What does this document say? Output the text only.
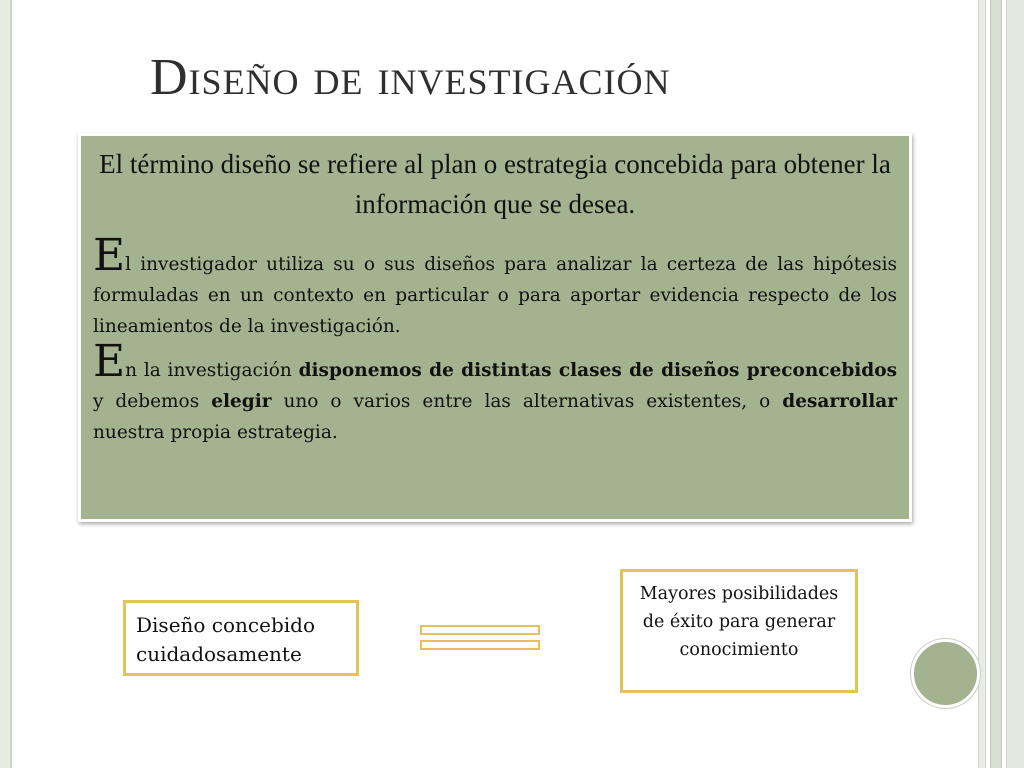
Diseño de investigación

El término diseño se refiere al plan o estrategia concebida para obtener la información que se desea.

El investigador utiliza su o sus diseños para analizar la certeza de las hipótesis formuladas en un contexto en particular o para aportar evidencia respecto de los lineamientos de la investigación.

En la investigación disponemos de distintas clases de diseños preconcebidos y debemos elegir uno o varios entre las alternativas existentes, o desarrollar nuestra propia estrategia.

Diseño concebido cuidadosamente
Mayores posibilidades de éxito para generar conocimiento
